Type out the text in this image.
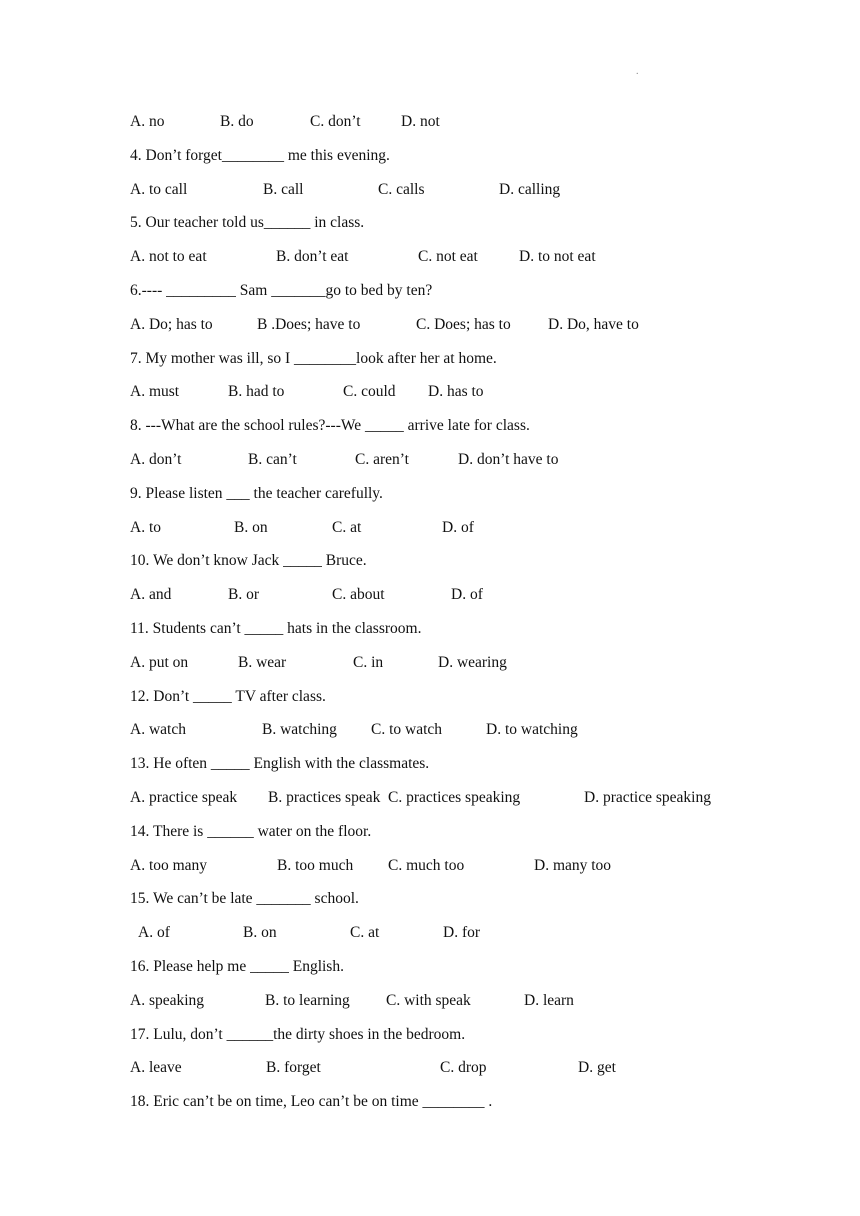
.
A. no	B. do	C. don’t	D. not
4. Don’t forget________ me this evening.
A. to call	B. call	C. calls	D. calling
5. Our teacher told us______ in class.
A. not to eat	B. don’t eat	C. not eat	D. to not eat
6.---- _________ Sam _______go to bed by ten?
A. Do; has to	B .Does; have to	C. Does; has to D. Do, have to
7. My mother was ill, so I ________look after her at home.
A. must	B. had to	C. could D. has to
8. ---What are the school rules?---We _____ arrive late for class.
A. don’t	B. can’t	C. aren’t	D. don’t have to
9. Please listen ___ the teacher carefully.
A. to	B. on	C. at	D. of
10. We don’t know Jack _____ Bruce.
A. and	B. or	C. about	D. of
11. Students can’t _____ hats in the classroom.
A. put on	B. wear	C. in	D. wearing
12. Don’t _____ TV after class.
A. watch	B. watching C. to watch	D. to watching
13. He often _____ English with the classmates.
A. practice speak B. practices speak C. practices speaking	D. practice speaking
14. There is ______ water on the floor.
A. too many	B. too much C. much too	D. many too
15. We can’t be late _______ school.
A. of	B. on	C. at	D. for
16. Please help me _____ English.
A. speaking	B. to learning C. with speak	D. learn
17. Lulu, don’t ______the dirty shoes in the bedroom.
A. leave	B. forget	C. drop	D. get
18. Eric can’t be on time, Leo can’t be on time ________ .
